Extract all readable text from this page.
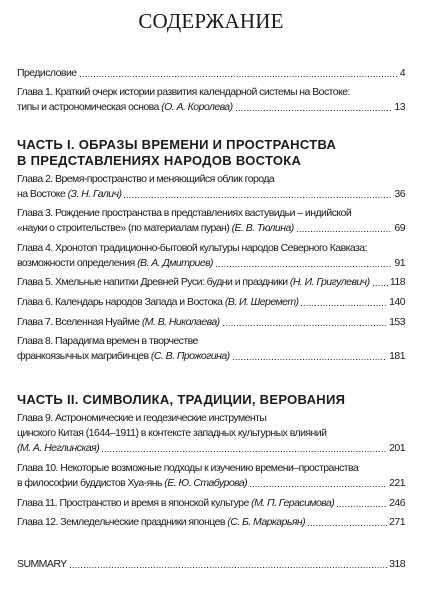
СОДЕРЖАНИЕ
Предисловие	4
Глава 1. Краткий очерк истории развития календарной системы на Востоке:
типы и астрономическая основа (О. А. Королева)	13
ЧАСТЬ I. ОБРАЗЫ ВРЕМЕНИ И ПРОСТРАНСТВА
В ПРЕДСТАВЛЕНИЯХ НАРОДОВ ВОСТОКА
Глава 2. Время-пространство и меняющийся облик города
на Востоке (З. Н. Галич)	36
Глава 3. Рождение пространства в представлениях вастувидьи – индийской
«науки о строительстве» (по материалам пуран) (Е. В. Тюлина)	69
Глава 4. Хронотоп традиционно-бытовой культуры народов Северного Кавказа:
возможности определения (В. А. Дмитриев)	91
Глава 5. Хмельные напитки Древней Руси: будни и праздники (Н. И. Григулевич) 118
Глава 6. Календарь народов Запада и Востока (В. И. Шеремет)	140
Глава 7. Вселенная Нуайме (М. В. Николаева)	153
Глава 8. Парадигма времен в творчестве
франкоязычных магрибинцев (С. В. Прожогина)	181
ЧАСТЬ II. СИМВОЛИКА, ТРАДИЦИИ, ВЕРОВАНИЯ
Глава 9. Астрономические и геодезические инструменты
цинского Китая (1644–1911) в контексте западных культурных влияний
(М. А. Неглинская)	201
Глава 10. Некоторые возможные подходы к изучению времени–пространства
в философии буддистов Хуа-янь (Е. Ю. Стабурова)	221
Глава 11. Пространство и время в японской культуре (М. П. Герасимова)	246
Глава 12. Земледельческие праздники японцев (С. Б. Маркарьян)	271
SUMMARY	318
